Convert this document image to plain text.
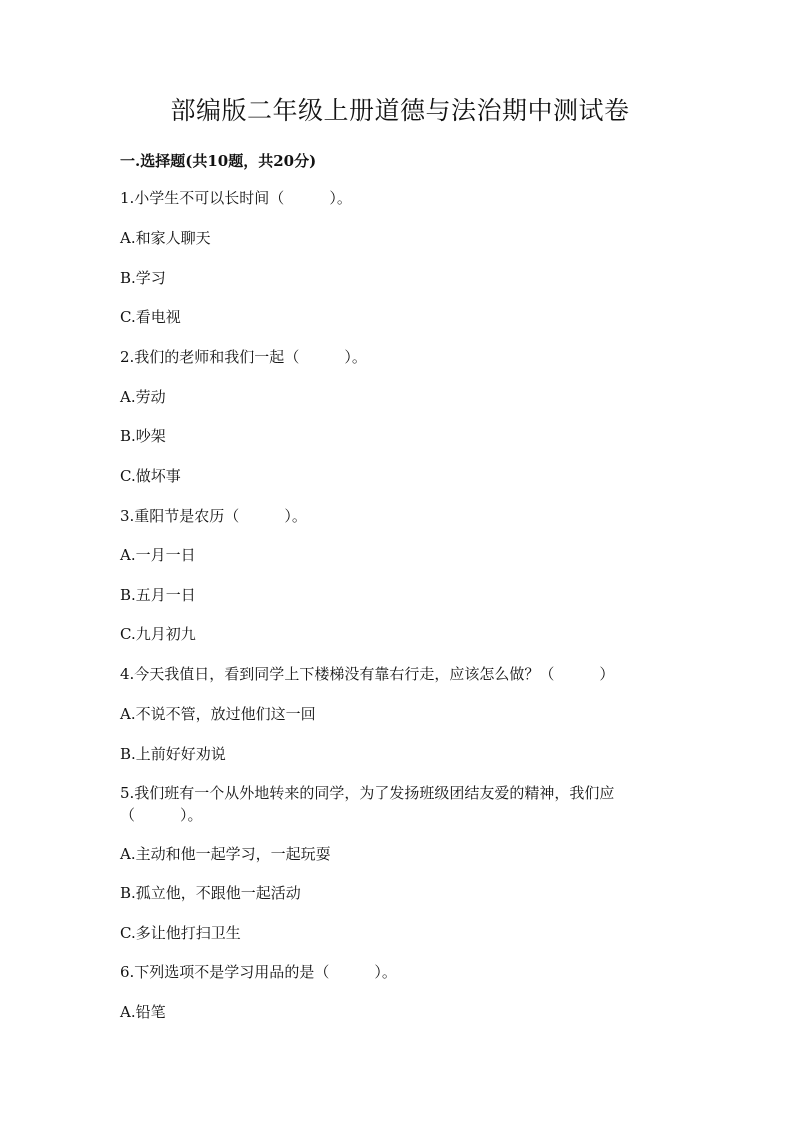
部编版二年级上册道德与法治期中测试卷
一.选择题(共10题，共20分)
1.小学生不可以长时间（　　　）。
A.和家人聊天
B.学习
C.看电视
2.我们的老师和我们一起（　　　）。
A.劳动
B.吵架
C.做坏事
3.重阳节是农历（　　　）。
A.一月一日
B.五月一日
C.九月初九
4.今天我值日，看到同学上下楼梯没有靠右行走，应该怎么做？（　　　）
A.不说不管，放过他们这一回
B.上前好好劝说
5.我们班有一个从外地转来的同学，为了发扬班级团结友爱的精神，我们应
（　　　）。
A.主动和他一起学习，一起玩耍
B.孤立他，不跟他一起活动
C.多让他打扫卫生
6.下列选项不是学习用品的是（　　　）。
A.铅笔
